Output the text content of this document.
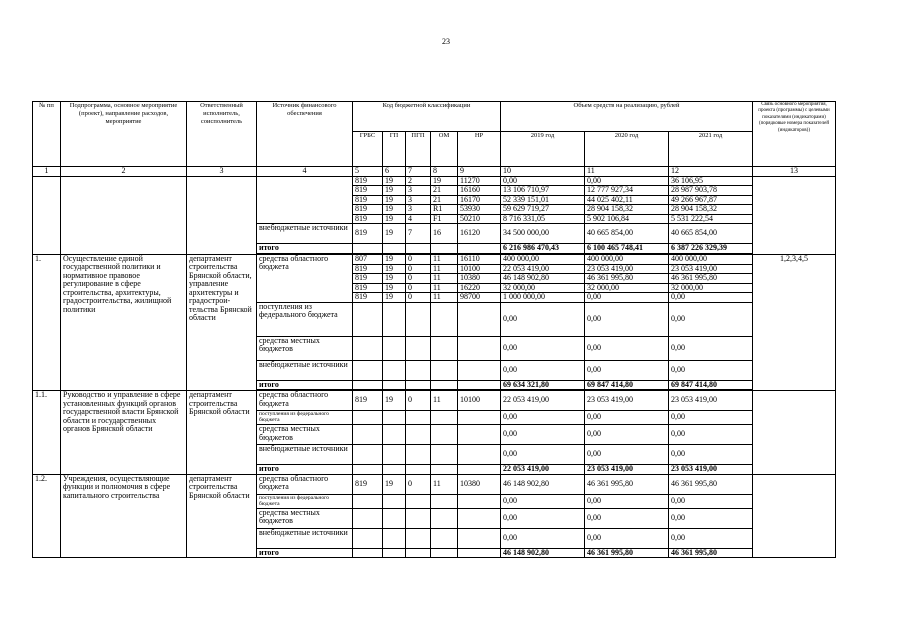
23
№ пп	Подпрограмма, основное мероприятие (проект), направление расходов, мероприятие	Ответственный исполнитель, соисполнитель	Источник финансового обеспечения	Код бюджетной классификации					Объем средств на реализацию, рублей			Связь основного мероприятия, проекта (программы) с целевыми показателями (индикаторами) (порядковые номера показателей (индикаторов))
				ГРБС	ГП	ПГП	ОМ	НР	2019 год	2020 год	2021 год	
1	2	3	4	5	6	7	8	9	10	11	12	13
				819	19	2	19	11270	0,00	0,00	36 106,95	
				819	19	3	21	16160	13 106 710,97	12 777 927,34	28 987 903,78	
				819	19	3	21	16170	52 339 151,01	44 025 402,11	49 266 967,87	
				819	19	3	R1	53930	59 629 719,27	28 904 158,32	28 904 158,32	
				819	19	4	F1	50210	8 716 331,05	5 902 106,84	5 531 222,54	
			внебюджетные источники	819	19	7	16	16120	34 500 000,00	40 665 854,00	40 665 854,00	
			итого						6 216 986 470,43	6 100 465 748,41	6 387 226 329,39	

1.	Осуществление единой государственной политики и нормативное правовое регулирование в сфере строительства, архитектуры, градостроительства, жилищной политики	департамент строительства Брянской области, управление архитектуры и градострои-тельства Брянской области	средства областного бюджета	807	19	0	11	16110	400 000,00	400 000,00	400 000,00	1,2,3,4,5
				819	19	0	11	10100	22 053 419,00	23 053 419,00	23 053 419,00	
				819	19	0	11	10380	46 148 902,80	46 361 995,80	46 361 995,80	
				819	19	0	11	16220	32 000,00	32 000,00	32 000,00	
				819	19	0	11	98700	1 000 000,00	0,00	0,00	
			поступления из федерального бюджета						0,00	0,00	0,00	
			средства местных бюджетов						0,00	0,00	0,00	
			внебюджетные источники						0,00	0,00	0,00	
			итого						69 634 321,80	69 847 414,80	69 847 414,80	

1.1.	Руководство и управление в сфере установленных функций органов государственной власти Брянской области и государственных органов Брянской области	департамент строительства Брянской области	средства областного бюджета	819	19	0	11	10100	22 053 419,00	23 053 419,00	23 053 419,00	
			поступления из федерального бюджета						0,00	0,00	0,00	
			средства местных бюджетов						0,00	0,00	0,00	
			внебюджетные источники						0,00	0,00	0,00	
			итого						22 053 419,00	23 053 419,00	23 053 419,00	
1.2.	Учреждения, осуществляющие функции и полномочия в сфере капитального строительства	департамент строительства Брянской области	средства областного бюджета	819	19	0	11	10380	46 148 902,80	46 361 995,80	46 361 995,80	
			поступления из федерального бюджета						0,00	0,00	0,00	
			средства местных бюджетов						0,00	0,00	0,00	
			внебюджетные источники						0,00	0,00	0,00	
			итого						46 148 902,80	46 361 995,80	46 361 995,80	
